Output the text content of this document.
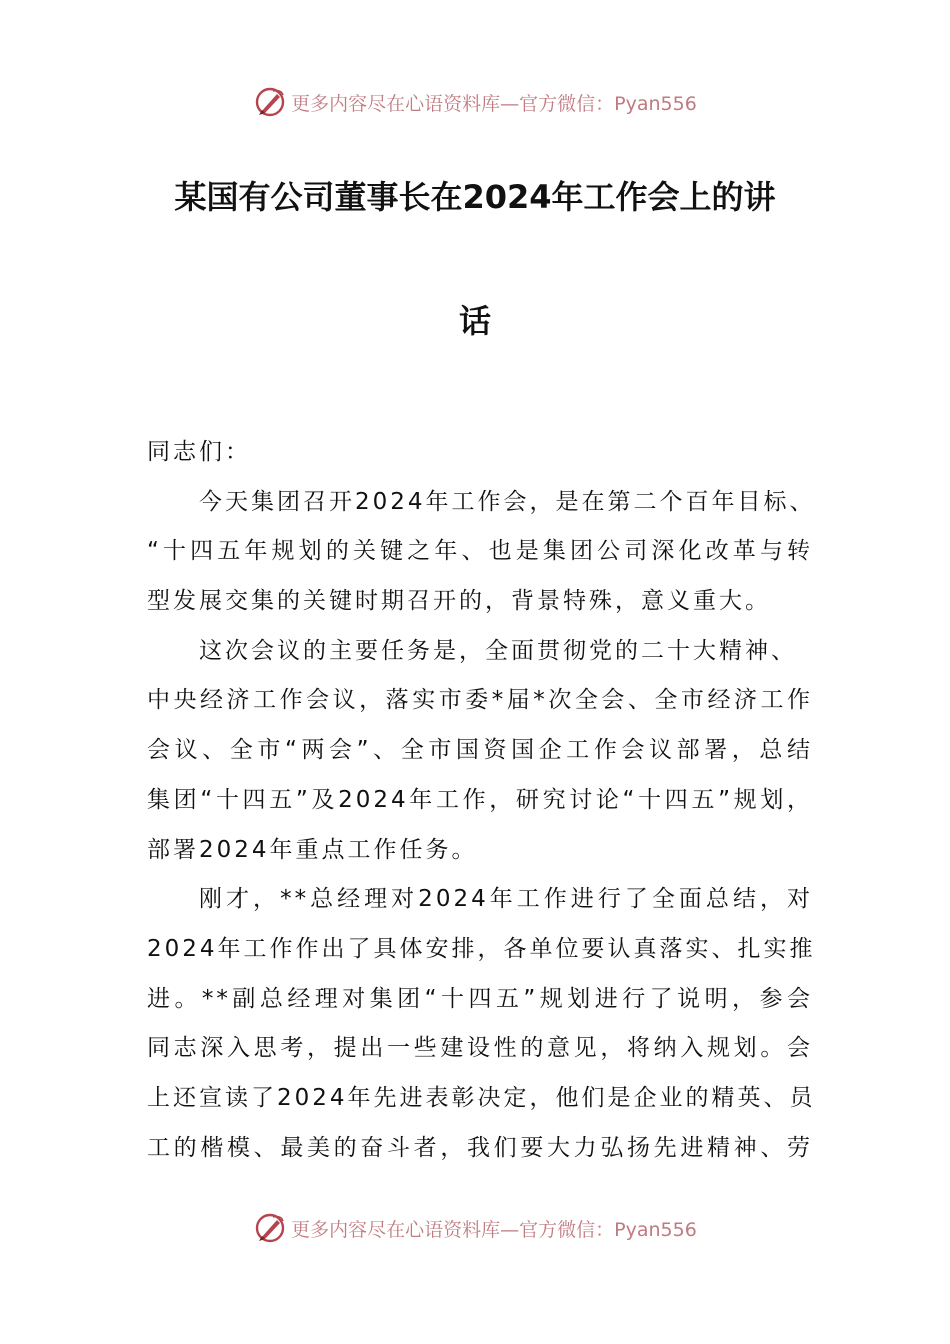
更多内容尽在心语资料库—官方微信：Pyan556
某国有公司董事长在2024年工作会上的讲
话
同志们：
今天集团召开2024年工作会，是在第二个百年目标、
“十四五年规划的关键之年、也是集团公司深化改革与转
型发展交集的关键时期召开的，背景特殊，意义重大。
这次会议的主要任务是，全面贯彻党的二十大精神、
中央经济工作会议，落实市委*届*次全会、全市经济工作
会议、全市“两会”、全市国资国企工作会议部署，总结
集团“十四五”及2024年工作，研究讨论“十四五”规划，
部署2024年重点工作任务。
刚才，**总经理对2024年工作进行了全面总结，对
2024年工作作出了具体安排，各单位要认真落实、扎实推
进。**副总经理对集团“十四五”规划进行了说明，参会
同志深入思考，提出一些建设性的意见，将纳入规划。会
上还宣读了2024年先进表彰决定，他们是企业的精英、员
工的楷模、最美的奋斗者，我们要大力弘扬先进精神、劳
更多内容尽在心语资料库—官方微信：Pyan556
